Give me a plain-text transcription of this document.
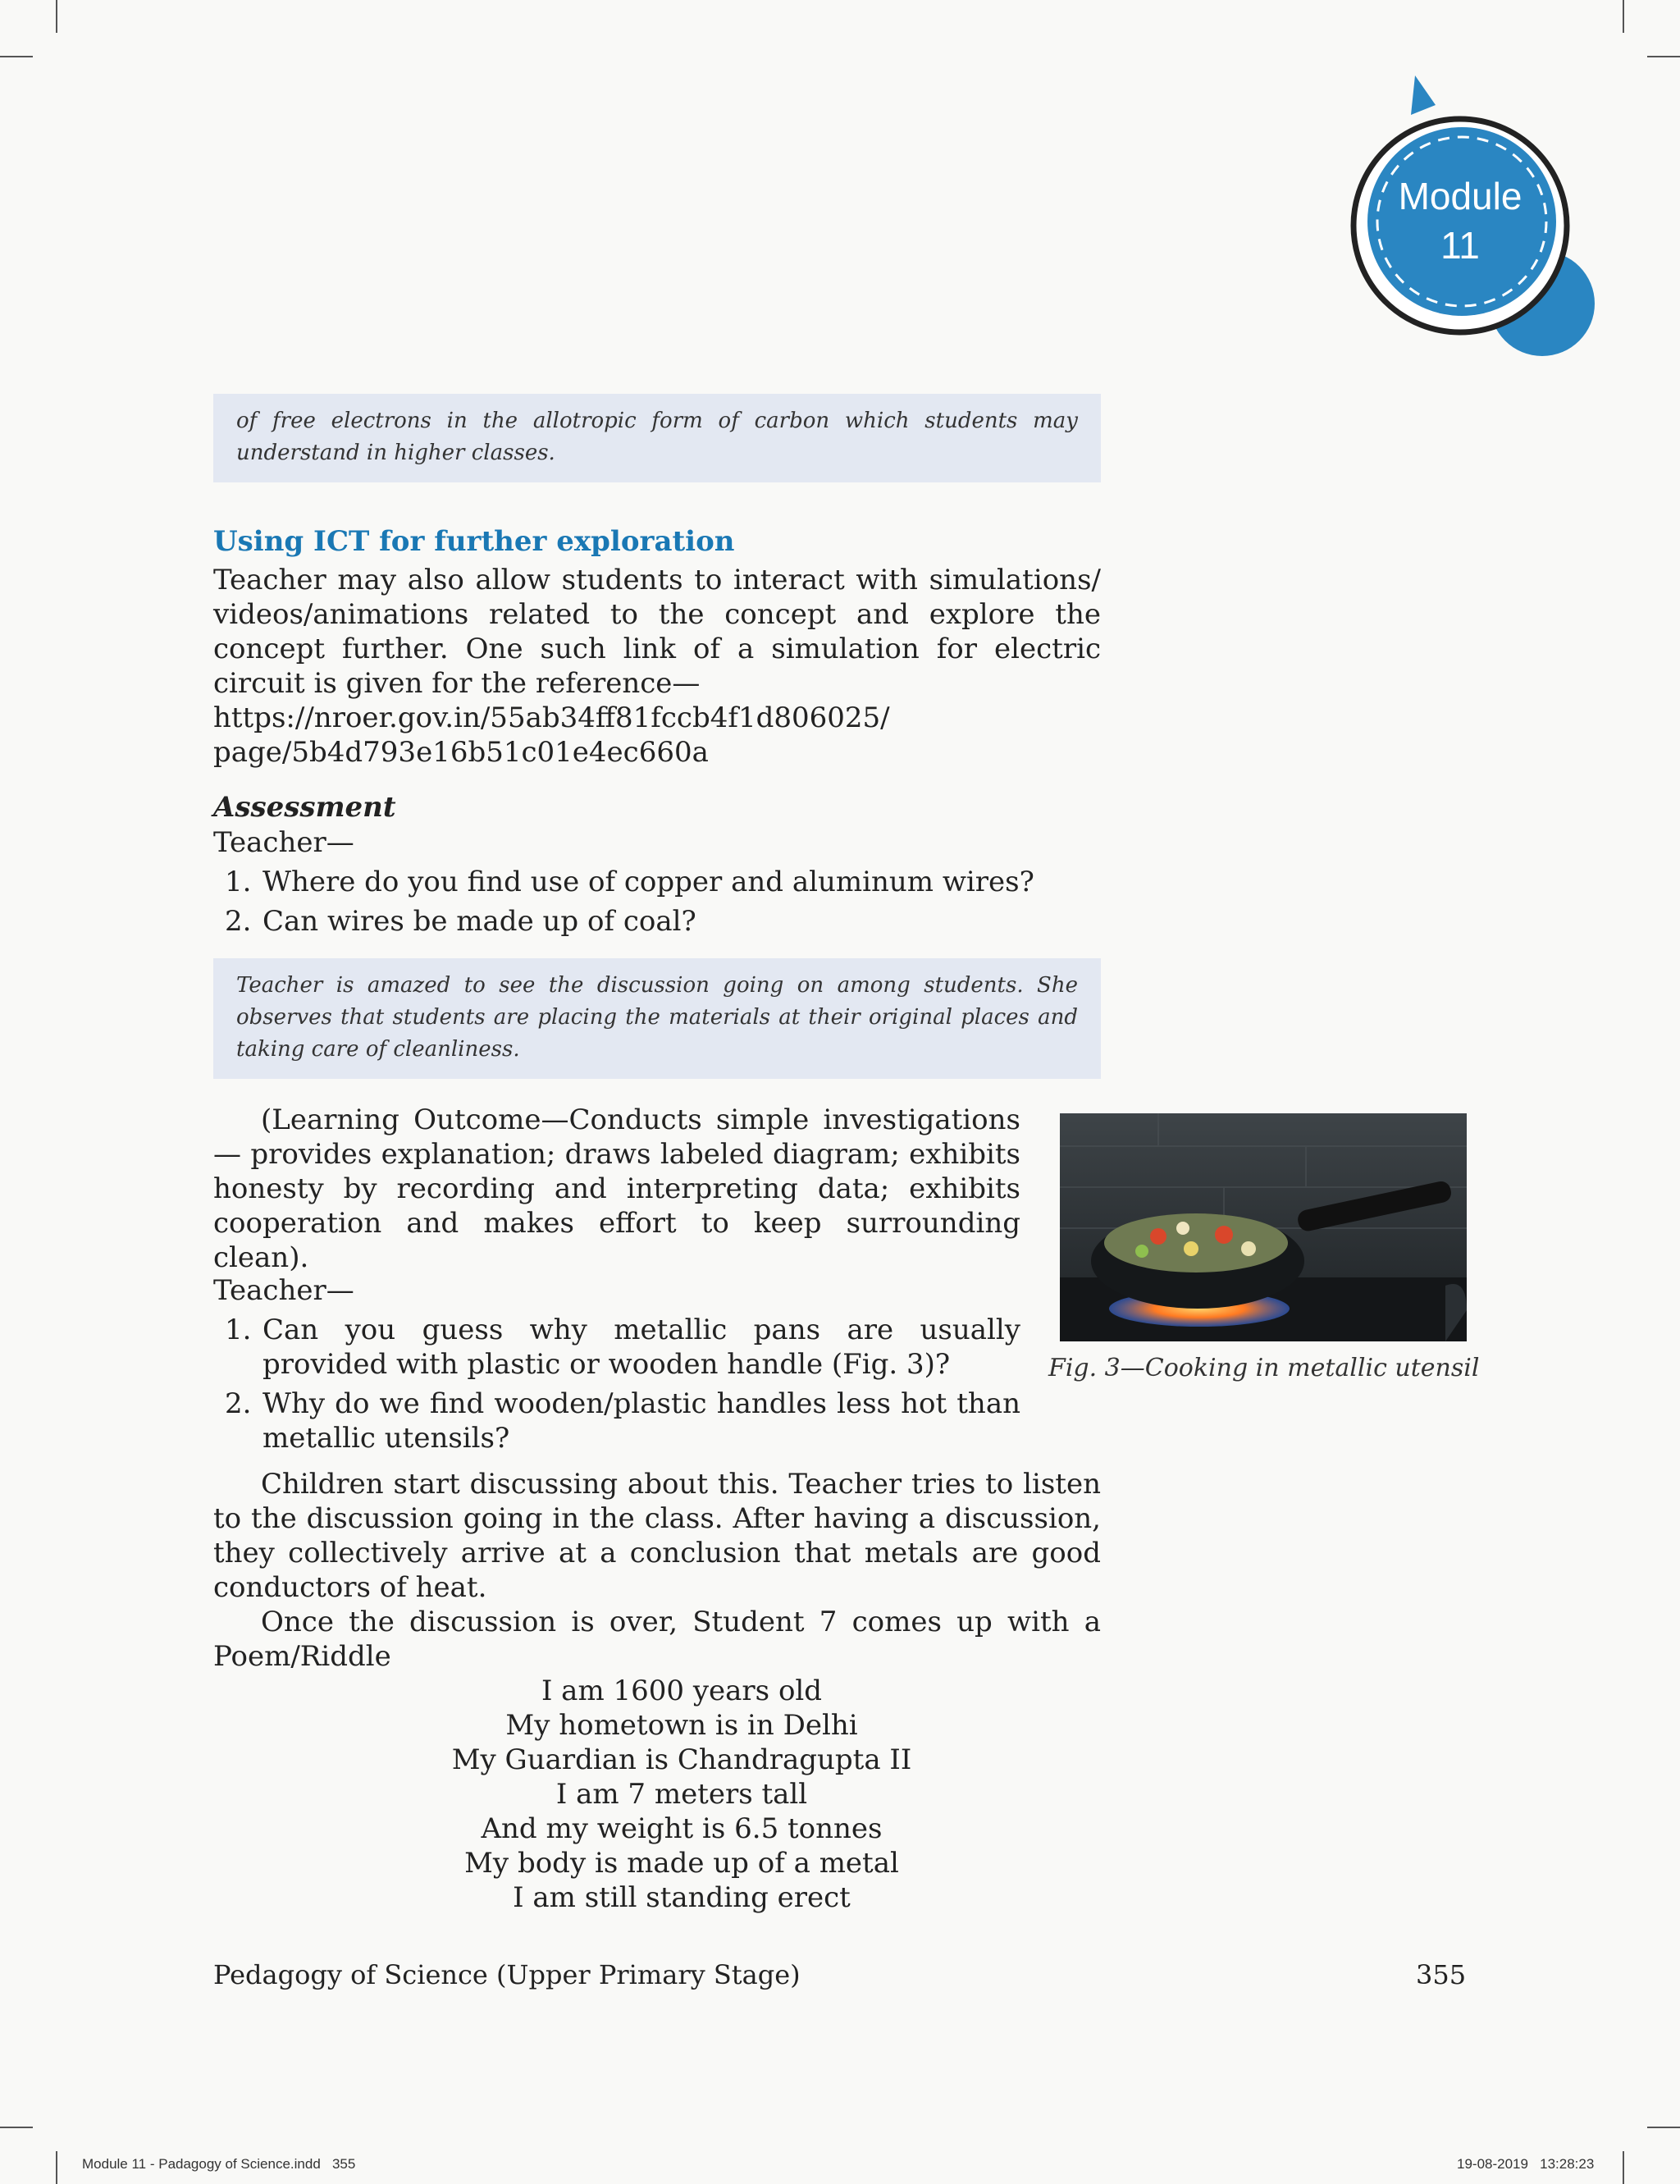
Module
11
of free electrons in the allotropic form of carbon which students may understand in higher classes.
Using ICT for further exploration
Teacher may also allow students to interact with simulations/ videos/animations related to the concept and explore the concept further. One such link of a simulation for electric circuit is given for the reference—
https://nroer.gov.in/55ab34ff81fccb4f1d806025/
page/5b4d793e16b51c01e4ec660a
Assessment
Teacher—
1. Where do you find use of copper and aluminum wires?
2. Can wires be made up of coal?
Teacher is amazed to see the discussion going on among students. She observes that students are placing the materials at their original places and taking care of cleanliness.
(Learning Outcome—Conducts simple investigations— provides explanation; draws labeled diagram; exhibits honesty by recording and interpreting data; exhibits cooperation and makes effort to keep surrounding clean).
Fig. 3—Cooking in metallic utensil
Teacher—
1. Can you guess why metallic pans are usually provided with plastic or wooden handle (Fig. 3)?
2. Why do we find wooden/plastic handles less hot than metallic utensils?
Children start discussing about this. Teacher tries to listen to the discussion going in the class. After having a discussion, they collectively arrive at a conclusion that metals are good conductors of heat.
Once the discussion is over, Student 7 comes up with a Poem/Riddle
I am 1600 years old
My hometown is in Delhi
My Guardian is Chandragupta II
I am 7 meters tall
And my weight is 6.5 tonnes
My body is made up of a metal
I am still standing erect
Pedagogy of Science (Upper Primary Stage)	355
Module 11 - Padagogy of Science.indd   355	19-08-2019   13:28:23
